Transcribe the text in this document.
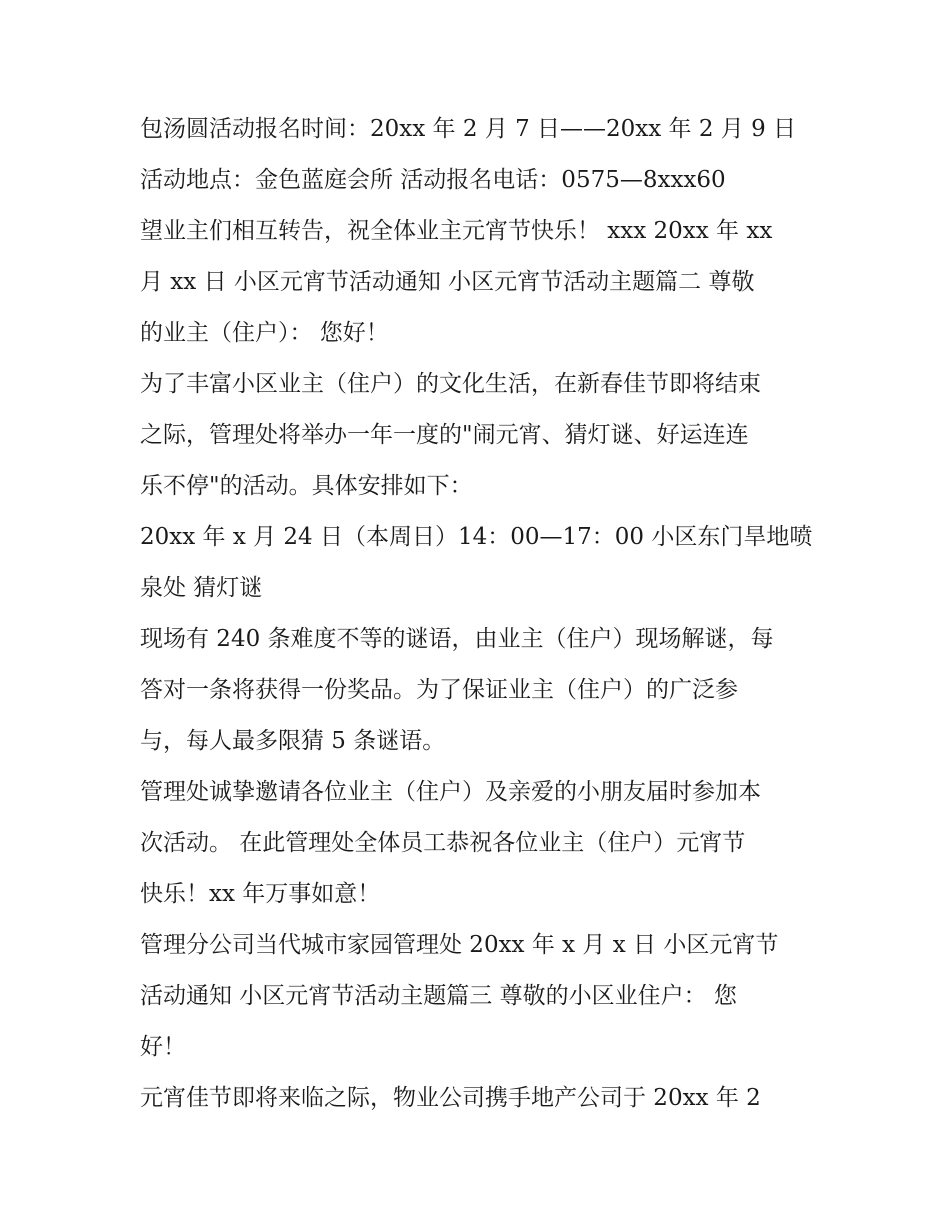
包汤圆活动报名时间：20xx 年 2 月 7 日——20xx 年 2 月 9 日
活动地点：金色蓝庭会所 活动报名电话：0575—8xxx60
望业主们相互转告，祝全体业主元宵节快乐！ xxx 20xx 年 xx
月 xx 日 小区元宵节活动通知 小区元宵节活动主题篇二 尊敬
的业主（住户）： 您好！
为了丰富小区业主（住户）的文化生活，在新春佳节即将结束
之际，管理处将举办一年一度的"闹元宵、猜灯谜、好运连连
乐不停"的活动。具体安排如下：
20xx 年 x 月 24 日（本周日）14：00—17：00 小区东门旱地喷
泉处 猜灯谜
现场有 240 条难度不等的谜语，由业主（住户）现场解谜，每
答对一条将获得一份奖品。为了保证业主（住户）的广泛参
与，每人最多限猜 5 条谜语。
管理处诚挚邀请各位业主（住户）及亲爱的小朋友届时参加本
次活动。 在此管理处全体员工恭祝各位业主（住户）元宵节
快乐！xx 年万事如意！
管理分公司当代城市家园管理处 20xx 年 x 月 x 日 小区元宵节
活动通知 小区元宵节活动主题篇三 尊敬的小区业住户： 您
好！
元宵佳节即将来临之际，物业公司携手地产公司于 20xx 年 2
